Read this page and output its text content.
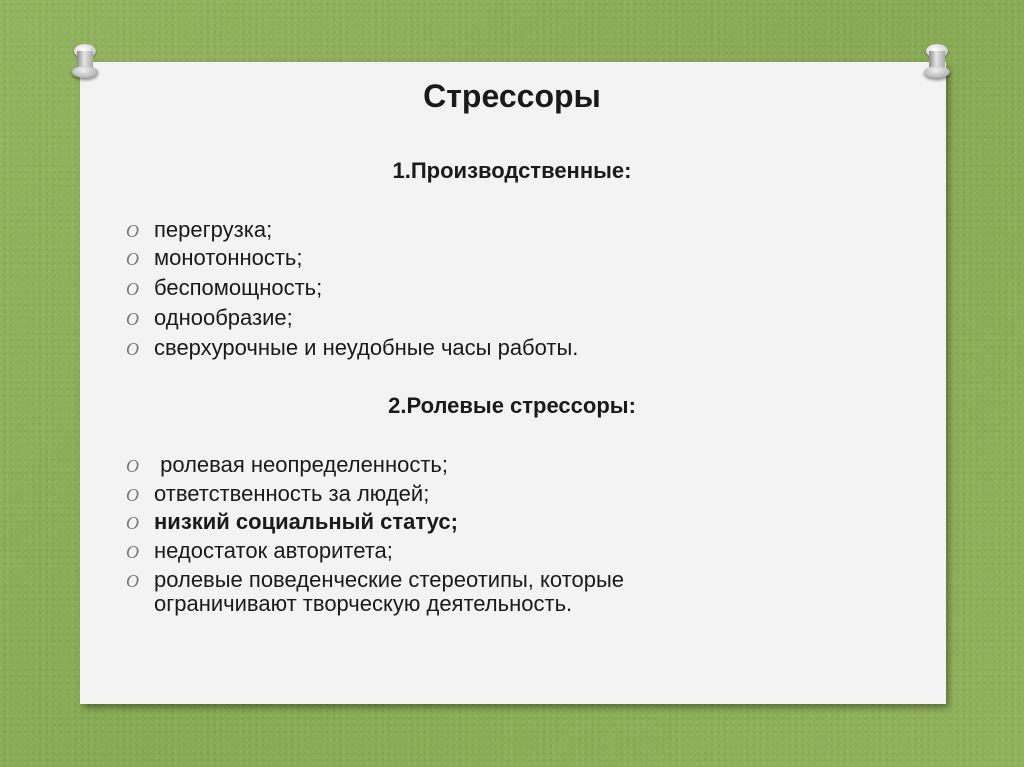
Стрессоры
1.Производственные:
O перегрузка;
O монотонность;
O беспомощность;
O однообразие;
O сверхурочные и неудобные часы работы.
2.Ролевые стрессоры:
O ролевая неопределенность;
O ответственность за людей;
O низкий социальный статус;
O недостаток авторитета;
O ролевые поведенческие стереотипы, которые
ограничивают творческую деятельность.
